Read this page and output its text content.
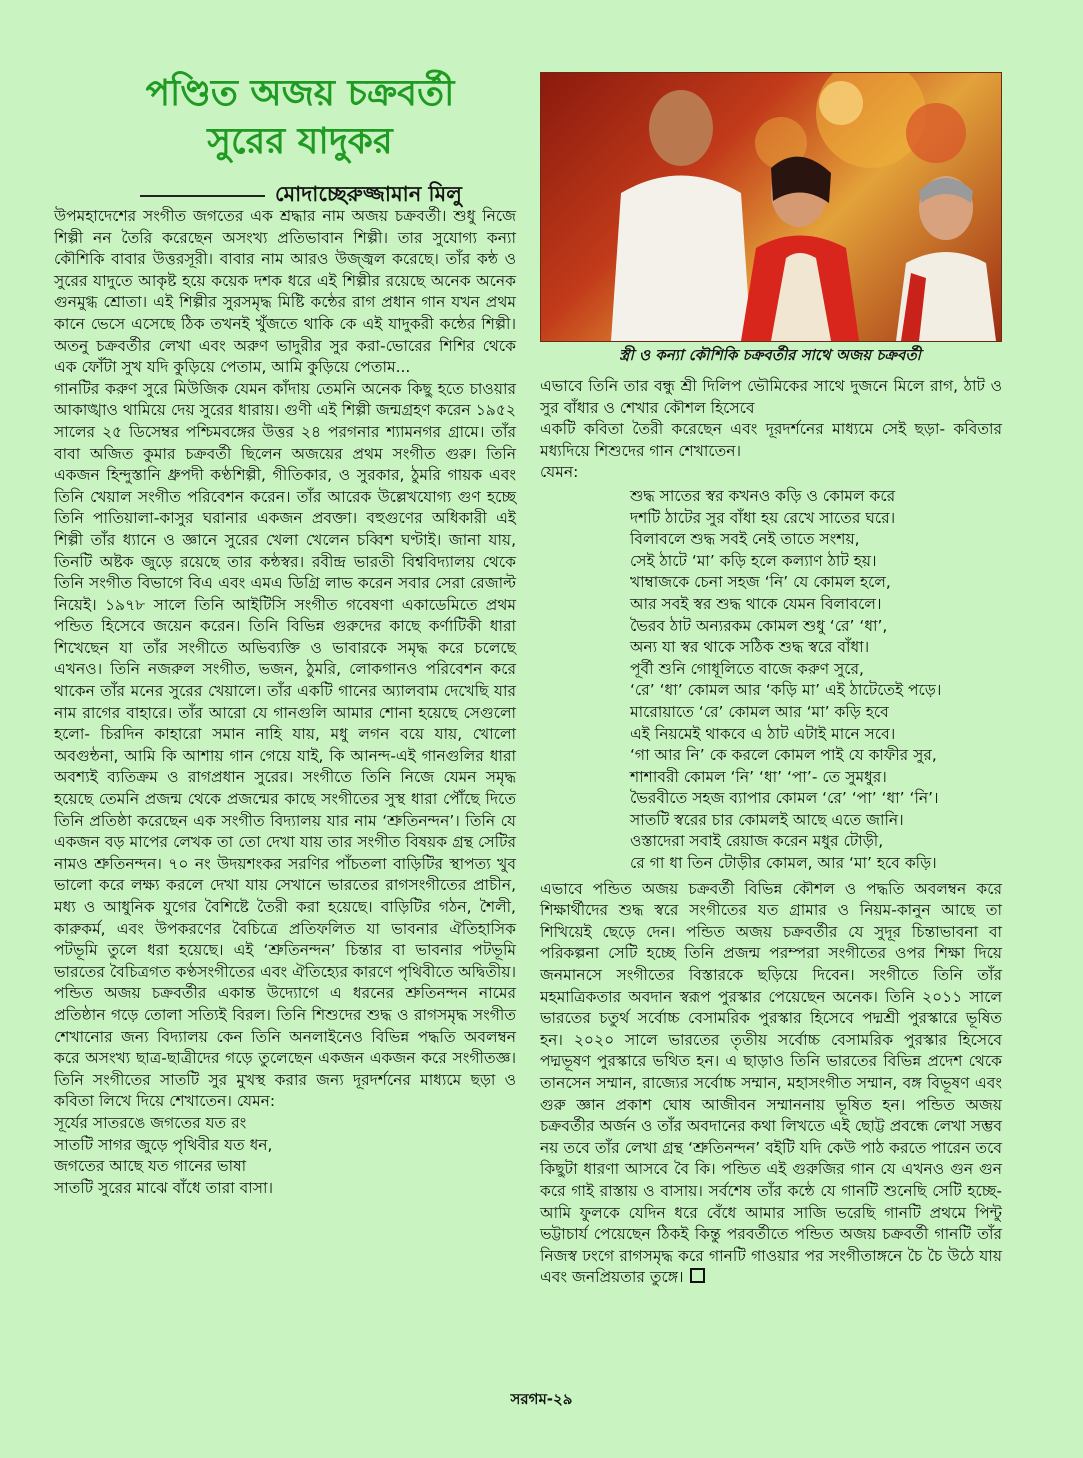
পণ্ডিত অজয় চক্রবর্তী
সুরের যাদুকর
মোদাচ্ছেরুজ্জামান মিলু

উপমহাদেশের সংগীত জগতের এক শ্রদ্ধার নাম অজয় চক্রবর্তী। শুধু নিজে শিল্পী নন তৈরি করেছেন অসংখ্য প্রতিভাবান শিল্পী। তার সুযোগ্য কন্যা কৌশিকি বাবার উত্তরসূরী। বাবার নাম আরও উজ্জ্বল করেছে। তাঁর কন্ঠ ও সুরের যাদুতে আকৃষ্ট হয়ে কয়েক দশক ধরে এই শিল্পীর রয়েছে অনেক অনেক গুনমুগ্ধ শ্রোতা। এই শিল্পীর সুরসমৃদ্ধ মিষ্টি কন্ঠের রাগ প্রধান গান যখন প্রথম কানে ভেসে এসেছে ঠিক তখনই খুঁজতে থাকি কে এই যাদুকরী কন্ঠের শিল্পী। অতনু চক্রবর্তীর লেখা এবং অরুণ ভাদুরীর সুর করা-ভোরের শিশির থেকে এক ফোঁটা সুখ যদি কুড়িয়ে পেতাম, আমি কুড়িয়ে পেতাম...

গানটির করুণ সুরে মিউজিক যেমন কাঁদায় তেমনি অনেক কিছু হতে চাওয়ার আকাঙ্খাও থামিয়ে দেয় সুরের ধারায়। গুণী এই শিল্পী জন্মগ্রহণ করেন ১৯৫২ সালের ২৫ ডিসেম্বর পশ্চিমবঙ্গের উত্তর ২৪ পরগনার শ্যামনগর গ্রামে। তাঁর বাবা অজিত কুমার চক্রবর্তী ছিলেন অজয়ের প্রথম সংগীত গুরু। তিনি একজন হিন্দুস্তানি ধ্রুপদী কণ্ঠশিল্পী, গীতিকার, ও সুরকার, ঠুমরি গায়ক এবং তিনি খেয়াল সংগীত পরিবেশন করেন। তাঁর আরেক উল্লেখযোগ্য গুণ হচ্ছে তিনি পাতিয়ালা-কাসুর ঘরানার একজন প্রবক্তা। বহুগুণের অধিকারী এই শিল্পী তাঁর ধ্যানে ও জ্ঞানে সুরের খেলা খেলেন চব্বিশ ঘণ্টাই। জানা যায়, তিনটি অষ্টক জুড়ে রয়েছে তার কন্ঠস্বর। রবীন্দ্র ভারতী বিশ্ববিদ্যালয় থেকে তিনি সংগীত বিভাগে বিএ এবং এমএ ডিগ্রি লাভ করেন সবার সেরা রেজাল্ট নিয়েই। ১৯৭৮ সালে তিনি আইটিসি সংগীত গবেষণা একাডেমিতে প্রথম পন্ডিত হিসেবে জয়েন করেন। তিনি বিভিন্ন গুরুদের কাছে কর্ণাটিকী ধারা শিখেছেন যা তাঁর সংগীতে অভিব্যক্তি ও ভাবারকে সমৃদ্ধ করে চলেছে এখনও। তিনি নজরুল সংগীত, ভজন, ঠুমরি, লোকগানও পরিবেশন করে থাকেন তাঁর মনের সুরের খেয়ালে। তাঁর একটি গানের অ্যালবাম দেখেছি যার নাম রাগের বাহারে। তাঁর আরো যে গানগুলি আমার শোনা হয়েছে সেগুলো হলো- চিরদিন কাহারো সমান নাহি যায়, মধু লগন বয়ে যায়, খোলো অবগুন্ঠনা, আমি কি আশায় গান গেয়ে যাই, কি আনন্দ-এই গানগুলির ধারা অবশ্যই ব্যতিক্রম ও রাগপ্রধান সুরের। সংগীতে তিনি নিজে যেমন সমৃদ্ধ হয়েছে তেমনি প্রজন্ম থেকে প্রজন্মের কাছে সংগীতের সুস্থ ধারা পৌঁছে দিতে তিনি প্রতিষ্ঠা করেছেন এক সংগীত বিদ্যালয় যার নাম ‘শ্রুতিনন্দন’। তিনি যে একজন বড় মাপের লেখক তা তো দেখা যায় তার সংগীত বিষয়ক গ্রন্থ সেটির নামও শ্রুতিনন্দন। ৭০ নং উদয়শংকর সরণির পাঁচতলা বাড়িটির স্থাপত্য খুব ভালো করে লক্ষ্য করলে দেখা যায় সেখানে ভারতের রাগসংগীতের প্রাচীন, মধ্য ও আধুনিক যুগের বৈশিষ্টে তৈরী করা হয়েছে। বাড়িটির গঠন, শৈলী, কারুকর্ম, এবং উপকরণের বৈচিত্রে প্রতিফলিত যা ভাবনার ঐতিহাসিক পটভূমি তুলে ধরা হয়েছে। এই ‘শ্রুতিনন্দন’ চিন্তার বা ভাবনার পটভূমি ভারতের বৈচিত্রগত কণ্ঠসংগীতের এবং ঐতিহ্যের কারণে পৃথিবীতে অদ্বিতীয়। পন্ডিত অজয় চক্রবর্তীর একান্ত উদ্যোগে এ ধরনের শ্রুতিনন্দন নামের প্রতিষ্ঠান গড়ে তোলা সত্যিই বিরল। তিনি শিশুদের শুদ্ধ ও রাগসমৃদ্ধ সংগীত শেখানোর জন্য বিদ্যালয় কেন তিনি অনলাইনেও বিভিন্ন পদ্ধতি অবলম্বন করে অসংখ্য ছাত্র-ছাত্রীদের গড়ে তুলেছেন একজন একজন করে সংগীতজ্ঞ। তিনি সংগীতের সাতটি সুর মুখস্থ করার জন্য দূরদর্শনের মাধ্যমে ছড়া ও কবিতা লিখে দিয়ে শেখাতেন। যেমন:

সূর্যের সাতরঙে জগতের যত রং
সাতটি সাগর জুড়ে পৃথিবীর যত ধন,
জগতের আছে যত গানের ভাষা
সাতটি সুরের মাঝে বাঁধে তারা বাসা।
স্ত্রী ও কন্যা কৌশিকি চক্রবর্তীর সাথে অজয় চক্রবর্তী

এভাবে তিনি তার বন্ধু শ্রী দিলিপ ভৌমিকের সাথে দুজনে মিলে রাগ, ঠাট ও সুর বাঁধার ও শেখার কৌশল হিসেবে

একটি কবিতা তৈরী করেছেন এবং দূরদর্শনের মাধ্যমে সেই ছড়া- কবিতার মধ্যদিয়ে শিশুদের গান শেখাতেন।

যেমন:

শুদ্ধ সাতের স্বর কখনও কড়ি ও কোমল করে
দশটি ঠাটের সুর বাঁধা হয় রেখে সাতের ঘরে।
বিলাবলে শুদ্ধ সবই নেই তাতে সংশয়,
সেই ঠাটে ‘মা’ কড়ি হলে কল্যাণ ঠাট হয়।
খাম্বাজকে চেনা সহজ ‘নি’ যে কোমল হলে,
আর সবই স্বর শুদ্ধ থাকে যেমন বিলাবলে।
ভৈরব ঠাট অন্যরকম কোমল শুধু ‘রে’ ‘ধা’,
অন্য যা স্বর থাকে সঠিক শুদ্ধ স্বরে বাঁধা।
পূর্বী শুনি গোধূলিতে বাজে করুণ সুরে,
‘রে’ ‘ধা’ কোমল আর ‘কড়ি মা’ এই ঠাটেতেই পড়ে।
মারোয়াতে ‘রে’ কোমল আর ‘মা’ কড়ি হবে
এই নিয়মেই থাকবে এ ঠাট এটাই মানে সবে।
‘গা আর নি’ কে করলে কোমল পাই যে কাফীর সুর,
শাশাবরী কোমল ‘নি’ ‘ধা’ ‘পা’- তে সুমধুর।
ভৈরবীতে সহজ ব্যাপার কোমল ‘রে’ ‘পা’ ‘ধা’ ‘নি’।
সাতটি স্বরের চার কোমলই আছে এতে জানি।
ওস্তাদেরা সবাই রেয়াজ করেন মধুর টোড়ী,
রে গা ধা তিন টোড়ীর কোমল, আর ‘মা’ হবে কড়ি।

এভাবে পন্ডিত অজয় চক্রবর্তী বিভিন্ন কৌশল ও পদ্ধতি অবলম্বন করে শিক্ষার্থীদের শুদ্ধ স্বরে সংগীতের যত গ্রামার ও নিয়ম-কানুন আছে তা শিখিয়েই ছেড়ে দেন। পন্ডিত অজয় চক্রবর্তীর যে সুদূর চিন্তাভাবনা বা পরিকল্পনা সেটি হচ্ছে তিনি প্রজন্ম পরম্পরা সংগীতের ওপর শিক্ষা দিয়ে জনমানসে সংগীতের বিস্তারকে ছড়িয়ে দিবেন। সংগীতে তিনি তাঁর মহমাত্রিকতার অবদান স্বরূপ পুরস্কার পেয়েছেন অনেক। তিনি ২০১১ সালে ভারতের চতুর্থ সর্বোচ্চ বেসামরিক পুরস্কার হিসেবে পদ্মশ্রী পুরস্কারে ভূষিত হন। ২০২০ সালে ভারতের তৃতীয় সর্বোচ্চ বেসামরিক পুরস্কার হিসেবে পদ্মভূষণ পুরস্কারে ভথিত হন। এ ছাড়াও তিনি ভারতের বিভিন্ন প্রদেশ থেকে তানসেন সম্মান, রাজ্যের সর্বোচ্চ সম্মান, মহাসংগীত সম্মান, বঙ্গ বিভূষণ এবং গুরু জ্ঞান প্রকাশ ঘোষ আজীবন সম্মাননায় ভূষিত হন। পন্ডিত অজয় চক্রবর্তীর অর্জন ও তাঁর অবদানের কথা লিখতে এই ছোট্ট প্রবন্ধে লেখা সম্ভব নয় তবে তাঁর লেখা গ্রন্থ ‘শ্রুতিনন্দন’ বইটি যদি কেউ পাঠ করতে পারেন তবে কিছুটা ধারণা আসবে বৈ কি। পন্ডিত এই গুরুজির গান যে এখনও গুন গুন করে গাই রাস্তায় ও বাসায়। সর্বশেষ তাঁর কন্ঠে যে গানটি শুনেছি সেটি হচ্ছে- আমি ফুলকে যেদিন ধরে বেঁধে আমার সাজি ভরেছি গানটি প্রথমে পিন্টু ভট্টাচার্য পেয়েছেন ঠিকই কিন্তু পরবর্তীতে পন্ডিত অজয় চক্রবর্তী গানটি তাঁর নিজস্ব ঢংগে রাগসমৃদ্ধ করে গানটি গাওয়ার পর সংগীতাঙ্গনে চৈ চৈ উঠে যায় এবং জনপ্রিয়তার তুঙ্গে।

সরগম-২৯
